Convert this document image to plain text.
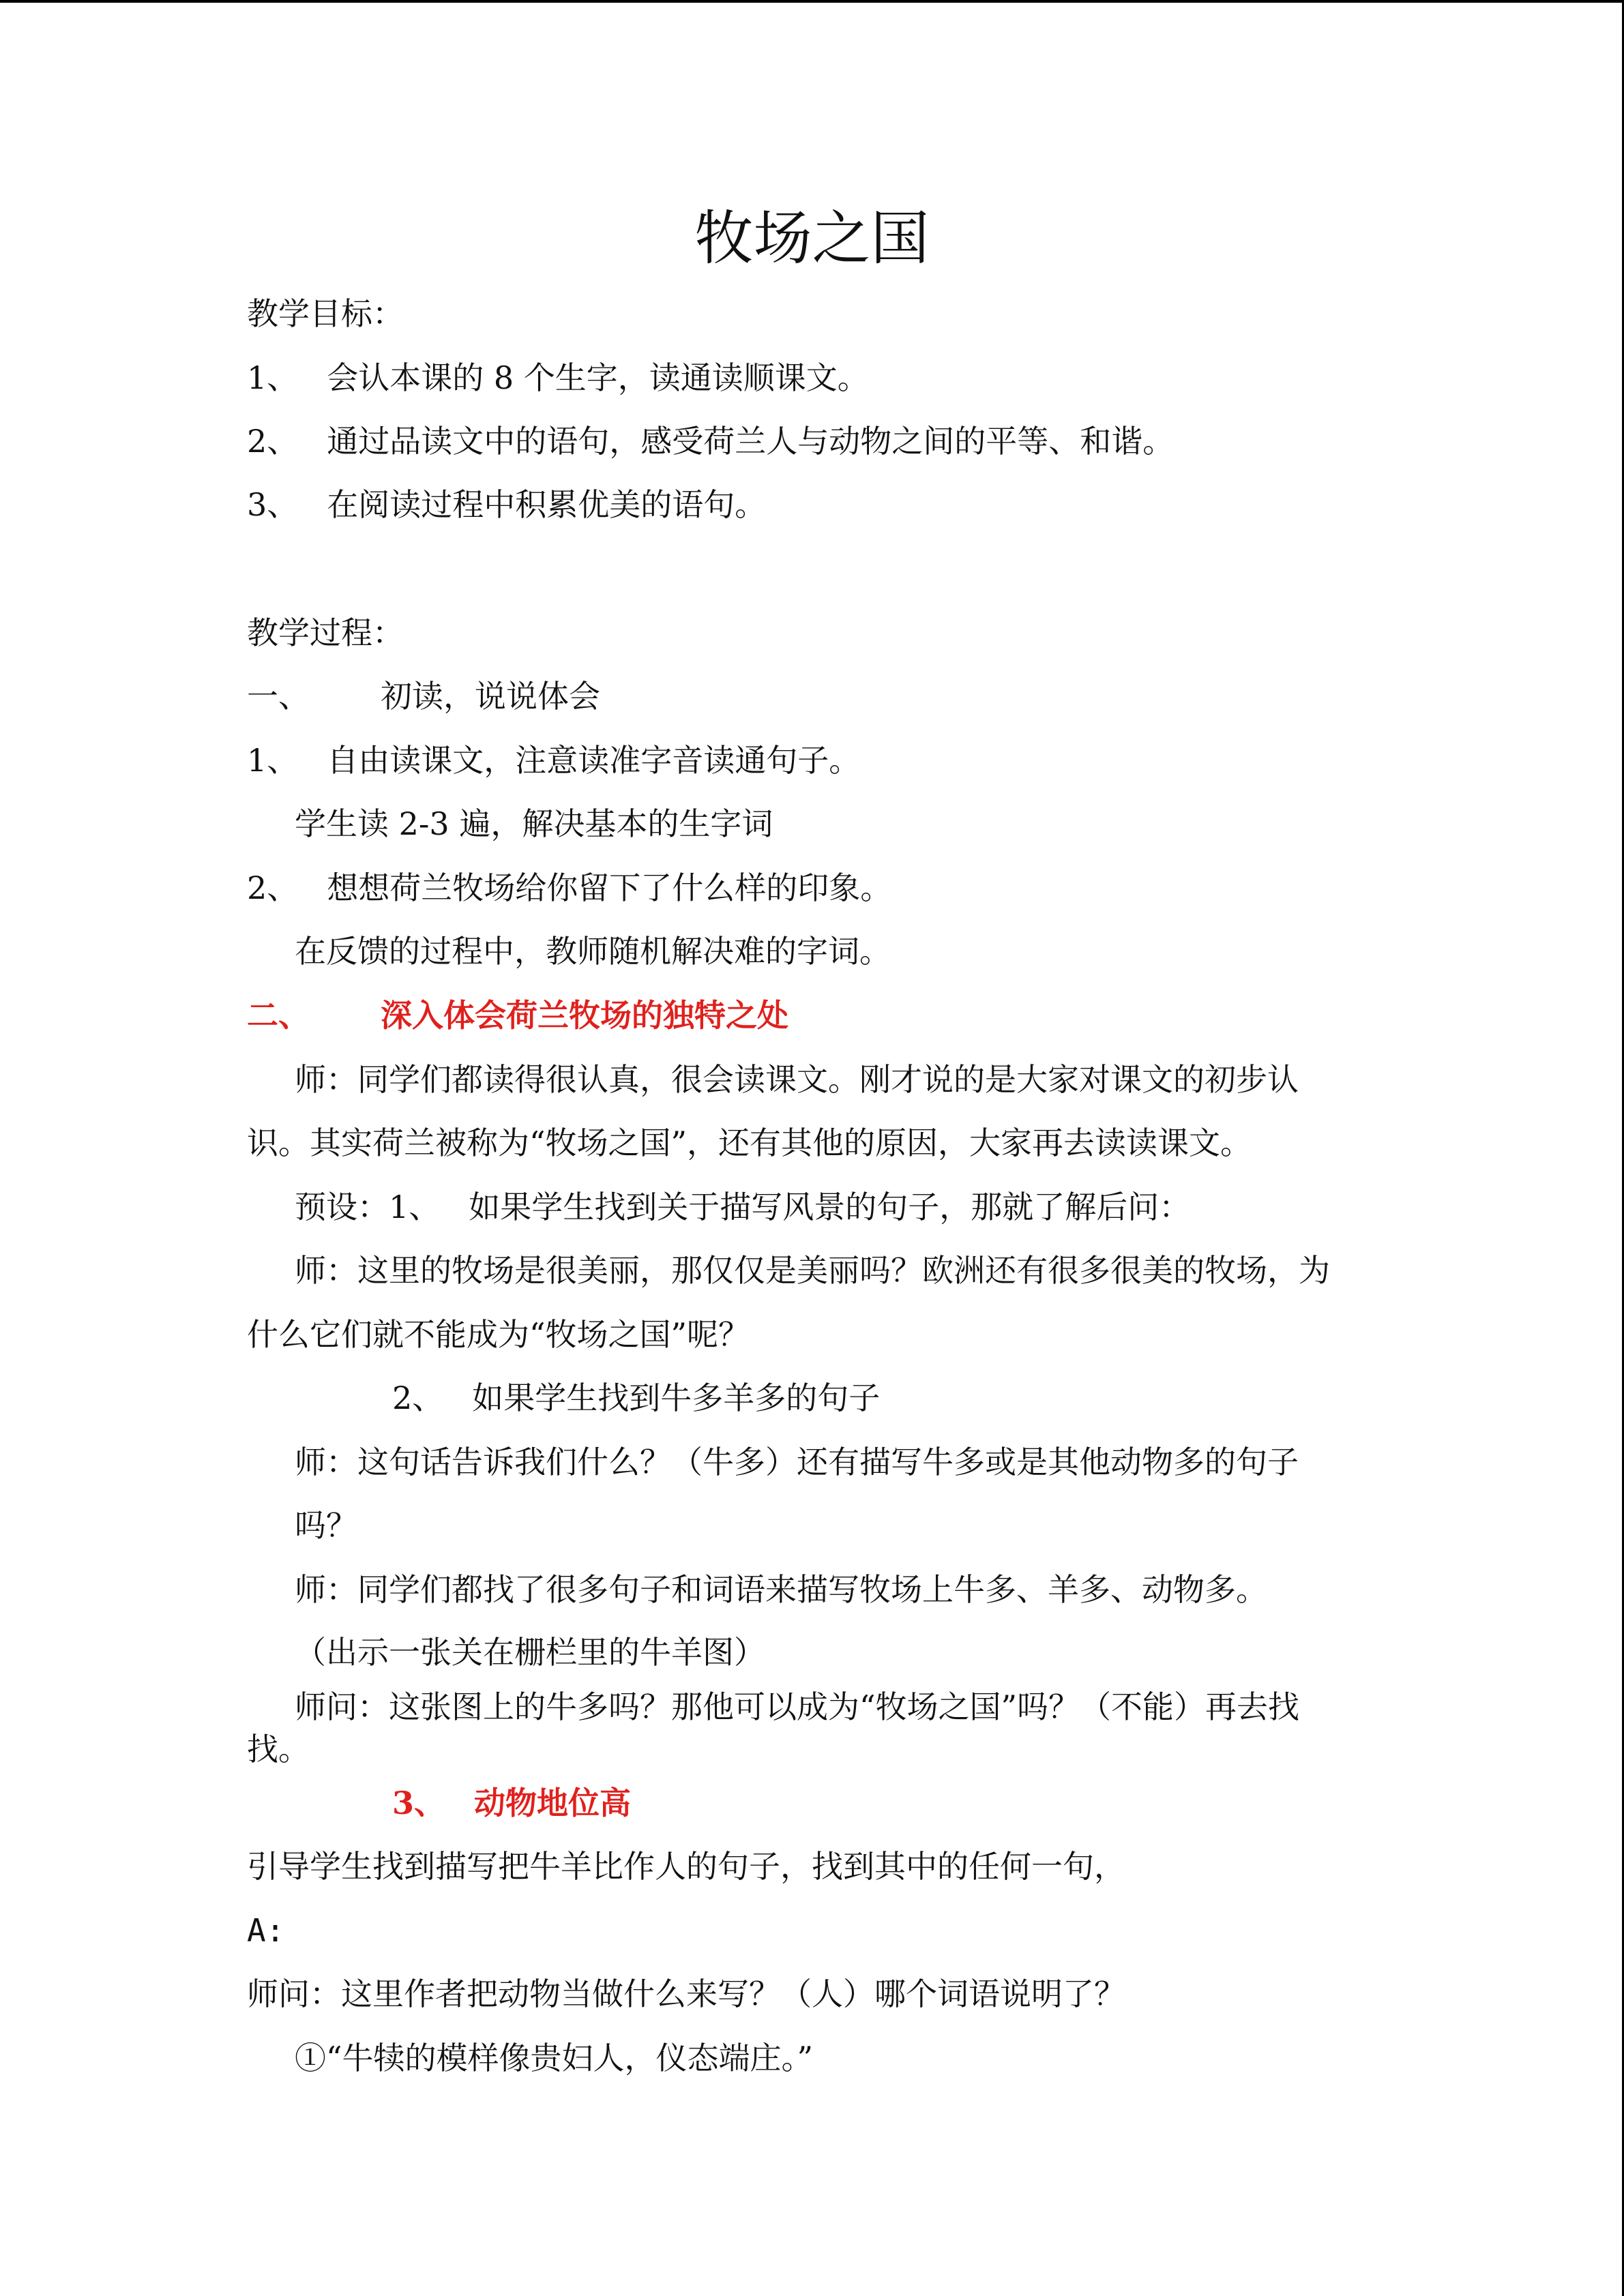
牧场之国
教学目标：
1、 会认本课的 8 个生字，读通读顺课文。
2、 通过品读文中的语句，感受荷兰人与动物之间的平等、和谐。
3、 在阅读过程中积累优美的语句。
教学过程：
一、 初读，说说体会
1、 自由读课文，注意读准字音读通句子。
学生读 2-3 遍，解决基本的生字词
2、 想想荷兰牧场给你留下了什么样的印象。
在反馈的过程中，教师随机解决难的字词。
二、 深入体会荷兰牧场的独特之处
师：同学们都读得很认真，很会读课文。刚才说的是大家对课文的初步认
识。其实荷兰被称为“牧场之国”，还有其他的原因，大家再去读读课文。
预设：1、 如果学生找到关于描写风景的句子，那就了解后问：
师：这里的牧场是很美丽，那仅仅是美丽吗？欧洲还有很多很美的牧场，为
什么它们就不能成为“牧场之国”呢？
2、 如果学生找到牛多羊多的句子
师：这句话告诉我们什么？（牛多）还有描写牛多或是其他动物多的句子
吗？
师：同学们都找了很多句子和词语来描写牧场上牛多、羊多、动物多。
（出示一张关在栅栏里的牛羊图）
师问：这张图上的牛多吗？那他可以成为“牧场之国”吗？（不能）再去找
找。
3、 动物地位高
引导学生找到描写把牛羊比作人的句子，找到其中的任何一句，
A:
师问：这里作者把动物当做什么来写？（人）哪个词语说明了？
①“牛犊的模样像贵妇人，仪态端庄。”
